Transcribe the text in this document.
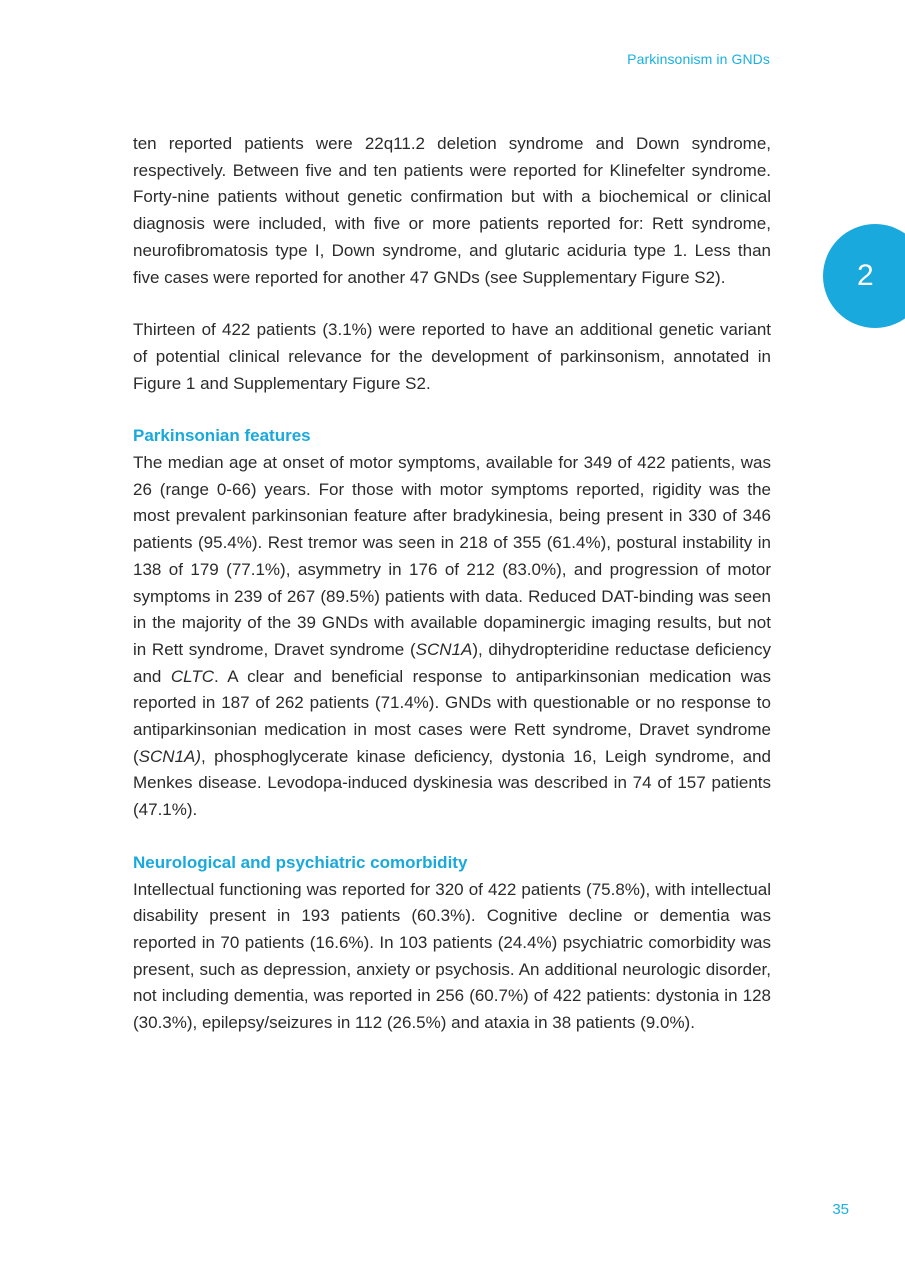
Parkinsonism in GNDs
2

ten reported patients were 22q11.2 deletion syndrome and Down syndrome, respectively. Between five and ten patients were reported for Klinefelter syndrome. Forty-nine patients without genetic confirmation but with a biochemical or clinical diagnosis were included, with five or more patients reported for: Rett syndrome, neurofibromatosis type I, Down syndrome, and glutaric aciduria type 1. Less than five cases were reported for another 47 GNDs (see Supplementary Figure S2).

Thirteen of 422 patients (3.1%) were reported to have an additional genetic variant of potential clinical relevance for the development of parkinsonism, annotated in Figure 1 and Supplementary Figure S2.

Parkinsonian features

The median age at onset of motor symptoms, available for 349 of 422 patients, was 26 (range 0-66) years. For those with motor symptoms reported, rigidity was the most prevalent parkinsonian feature after bradykinesia, being present in 330 of 346 patients (95.4%). Rest tremor was seen in 218 of 355 (61.4%), postural instability in 138 of 179 (77.1%), asymmetry in 176 of 212 (83.0%), and progression of motor symptoms in 239 of 267 (89.5%) patients with data. Reduced DAT-binding was seen in the majority of the 39 GNDs with available dopaminergic imaging results, but not in Rett syndrome, Dravet syndrome (SCN1A), dihydropteridine reductase deficiency and CLTC. A clear and beneficial response to antiparkinsonian medication was reported in 187 of 262 patients (71.4%). GNDs with questionable or no response to antiparkinsonian medication in most cases were Rett syndrome, Dravet syndrome (SCN1A), phosphoglycerate kinase deficiency, dystonia 16, Leigh syndrome, and Menkes disease. Levodopa-induced dyskinesia was described in 74 of 157 patients (47.1%).

Neurological and psychiatric comorbidity

Intellectual functioning was reported for 320 of 422 patients (75.8%), with intellectual disability present in 193 patients (60.3%). Cognitive decline or dementia was reported in 70 patients (16.6%). In 103 patients (24.4%) psychiatric comorbidity was present, such as depression, anxiety or psychosis. An additional neurologic disorder, not including dementia, was reported in 256 (60.7%) of 422 patients: dystonia in 128 (30.3%), epilepsy/seizures in 112 (26.5%) and ataxia in 38 patients (9.0%).

35
